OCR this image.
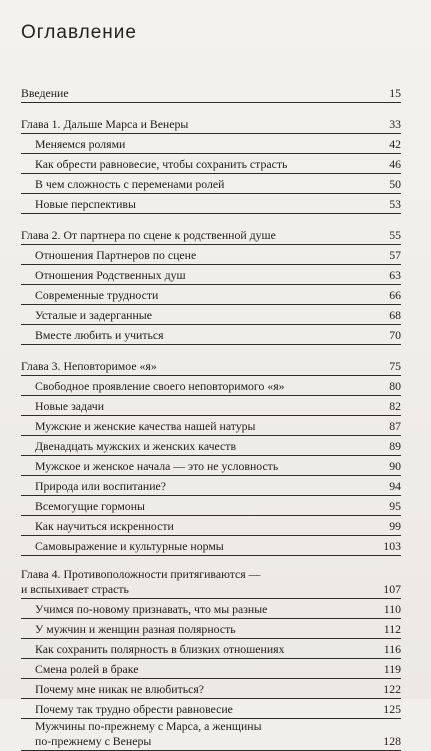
Оглавление
Введение	15
Глава 1. Дальше Марса и Венеры	33
Меняемся ролями	42
Как обрести равновесие, чтобы сохранить страсть	46
В чем сложность с переменами ролей	50
Новые перспективы	53
Глава 2. От партнера по сцене к родственной душе	55
Отношения Партнеров по сцене	57
Отношения Родственных душ	63
Современные трудности	66
Усталые и задерганные	68
Вместе любить и учиться	70
Глава 3. Неповторимое «я»	75
Свободное проявление своего неповторимого «я»	80
Новые задачи	82
Мужские и женские качества нашей натуры	87
Двенадцать мужских и женских качеств	89
Мужское и женское начала — это не условность	90
Природа или воспитание?	94
Всемогущие гормоны	95
Как научиться искренности	99
Самовыражение и культурные нормы	103
Глава 4. Противоположности притягиваются —
и вспыхивает страсть	107
Учимся по-новому признавать, что мы разные	110
У мужчин и женщин разная полярность	112
Как сохранить полярность в близких отношениях	116
Смена ролей в браке	119
Почему мне никак не влюбиться?	122
Почему так трудно обрести равновесие	125
Мужчины по-прежнему с Марса, а женщины
по-прежнему с Венеры	128
